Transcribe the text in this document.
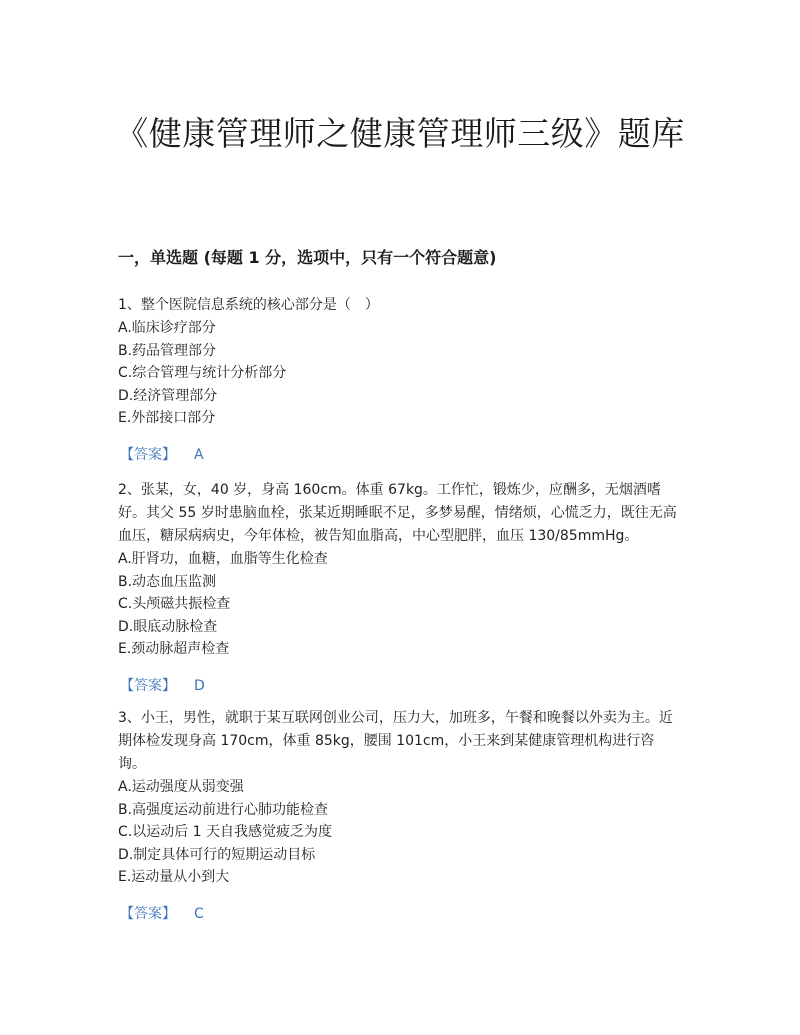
《健康管理师之健康管理师三级》题库
一，单选题 (每题 1 分，选项中，只有一个符合题意)

1、整个医院信息系统的核心部分是（　）

A.临床诊疗部分

B.药品管理部分

C.综合管理与统计分析部分

D.经济管理部分

E.外部接口部分

【答案】 A

2、张某，女，40 岁，身高 160cm。体重 67kg。工作忙，锻炼少，应酬多，无烟酒嗜好。其父 55 岁时患脑血栓，张某近期睡眠不足，多梦易醒，情绪烦，心慌乏力，既往无高血压，糖尿病病史，今年体检，被告知血脂高，中心型肥胖，血压 130/85mmHg。

A.肝肾功，血糖，血脂等生化检查

B.动态血压监测

C.头颅磁共振检查

D.眼底动脉检查

E.颈动脉超声检查

【答案】 D

3、小王，男性，就职于某互联网创业公司，压力大，加班多，午餐和晚餐以外卖为主。近期体检发现身高 170cm，体重 85kg，腰围 101cm，小王来到某健康管理机构进行咨询。

A.运动强度从弱变强

B.高强度运动前进行心肺功能检查

C.以运动后 1 天自我感觉疲乏为度

D.制定具体可行的短期运动目标

E.运动量从小到大

【答案】 C
